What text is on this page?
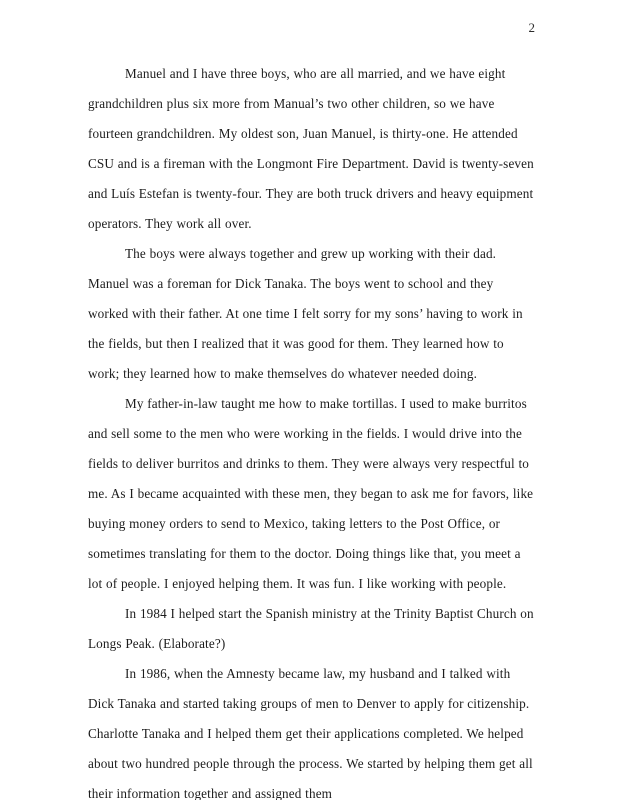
2

Manuel and I have three boys, who are all married, and we have eight grandchildren plus six more from Manual’s two other children, so we have fourteen grandchildren. My oldest son, Juan Manuel, is thirty-one. He attended CSU and is a fireman with the Longmont Fire Department. David is twenty-seven and Luís Estefan is twenty-four. They are both truck drivers and heavy equipment operators. They work all over.

The boys were always together and grew up working with their dad. Manuel was a foreman for Dick Tanaka. The boys went to school and they worked with their father. At one time I felt sorry for my sons’ having to work in the fields, but then I realized that it was good for them. They learned how to work; they learned how to make themselves do whatever needed doing.

My father-in-law taught me how to make tortillas. I used to make burritos and sell some to the men who were working in the fields. I would drive into the fields to deliver burritos and drinks to them. They were always very respectful to me. As I became acquainted with these men, they began to ask me for favors, like buying money orders to send to Mexico, taking letters to the Post Office, or sometimes translating for them to the doctor. Doing things like that, you meet a lot of people. I enjoyed helping them. It was fun. I like working with people.

In 1984 I helped start the Spanish ministry at the Trinity Baptist Church on Longs Peak. (Elaborate?)

In 1986, when the Amnesty became law, my husband and I talked with Dick Tanaka and started taking groups of men to Denver to apply for citizenship. Charlotte Tanaka and I helped them get their applications completed. We helped about two hundred people through the process. We started by helping them get all their information together and assigned them
